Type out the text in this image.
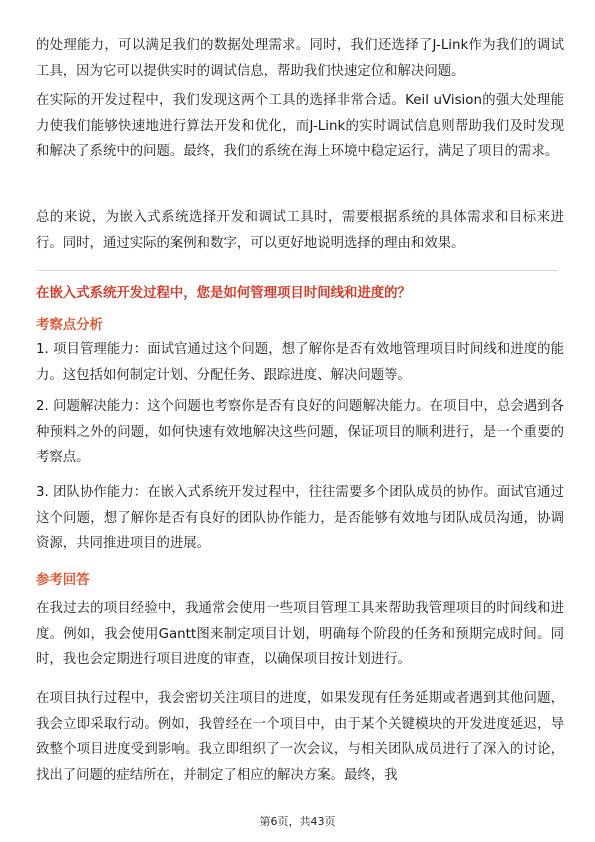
的处理能力，可以满足我们的数据处理需求。同时，我们还选择了J-Link作为我们的调试工具，因为它可以提供实时的调试信息，帮助我们快速定位和解决问题。

在实际的开发过程中，我们发现这两个工具的选择非常合适。Keil uVision的强大处理能力使我们能够快速地进行算法开发和优化，而J-Link的实时调试信息则帮助我们及时发现和解决了系统中的问题。最终，我们的系统在海上环境中稳定运行，满足了项目的需求。

总的来说，为嵌入式系统选择开发和调试工具时，需要根据系统的具体需求和目标来进行。同时，通过实际的案例和数字，可以更好地说明选择的理由和效果。

在嵌入式系统开发过程中，您是如何管理项目时间线和进度的？

考察点分析

1. 项目管理能力：面试官通过这个问题，想了解你是否有效地管理项目时间线和进度的能力。这包括如何制定计划、分配任务、跟踪进度、解决问题等。

2. 问题解决能力：这个问题也考察你是否有良好的问题解决能力。在项目中，总会遇到各种预料之外的问题，如何快速有效地解决这些问题，保证项目的顺利进行，是一个重要的考察点。

3. 团队协作能力：在嵌入式系统开发过程中，往往需要多个团队成员的协作。面试官通过这个问题，想了解你是否有良好的团队协作能力，是否能够有效地与团队成员沟通，协调资源，共同推进项目的进展。

参考回答

在我过去的项目经验中，我通常会使用一些项目管理工具来帮助我管理项目的时间线和进度。例如，我会使用Gantt图来制定项目计划，明确每个阶段的任务和预期完成时间。同时，我也会定期进行项目进度的审查，以确保项目按计划进行。

在项目执行过程中，我会密切关注项目的进度，如果发现有任务延期或者遇到其他问题，我会立即采取行动。例如，我曾经在一个项目中，由于某个关键模块的开发进度延迟，导致整个项目进度受到影响。我立即组织了一次会议，与相关团队成员进行了深入的讨论，找出了问题的症结所在，并制定了相应的解决方案。最终，我

第6页，共43页
